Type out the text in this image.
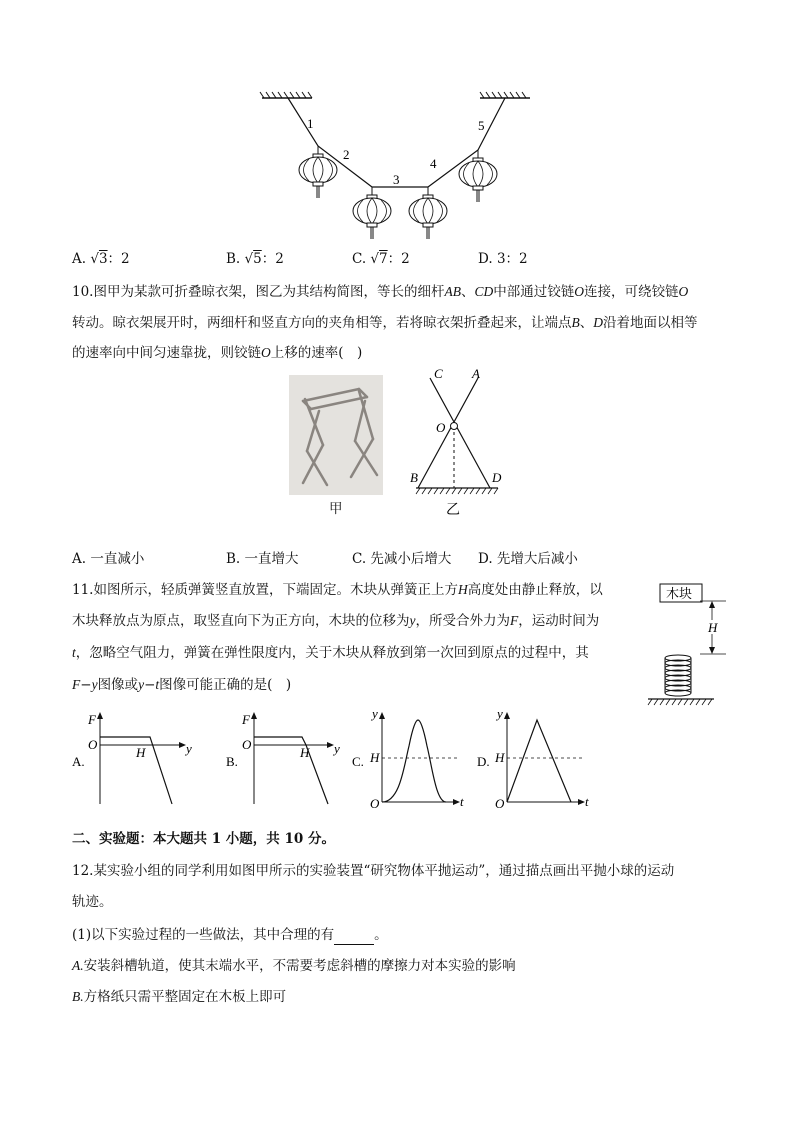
1
2
3
4
5
A. √3：2	B. √5：2	C. √7：2	D. 3：2
10.图甲为某款可折叠晾衣架，图乙为其结构简图，等长的细杆AB、CD中部通过铰链O连接，可绕铰链O
转动。晾衣架展开时，两细杆和竖直方向的夹角相等，若将晾衣架折叠起来，让端点B、D沿着地面以相等
的速率向中间匀速靠拢，则铰链O上移的速率(　)
甲
C A
O
B	D
乙
A. 一直减小	B. 一直增大	C. 先减小后增大 D. 先增大后减小
11.如图所示，轻质弹簧竖直放置，下端固定。木块从弹簧正上方H高度处由静止释放，以
木块释放点为原点，取竖直向下为正方向，木块的位移为y，所受合外力为F，运动时间为
t，忽略空气阻力，弹簧在弹性限度内，关于木块从释放到第一次回到原点的过程中，其
F−y图像或y−t图像可能正确的是(　)
木块
H
A.
F
y
O
H
B.
F
y
O
H
C.
y
t
O
H	D.
y
t
O
H
二、实验题：本大题共 1 小题，共 10 分。
12.某实验小组的同学利用如图甲所示的实验装置“研究物体平抛运动”，通过描点画出平抛小球的运动
轨迹。
(1)以下实验过程的一些做法，其中合理的有	。
A.安装斜槽轨道，使其末端水平，不需要考虑斜槽的摩擦力对本实验的影响
B.方格纸只需平整固定在木板上即可
